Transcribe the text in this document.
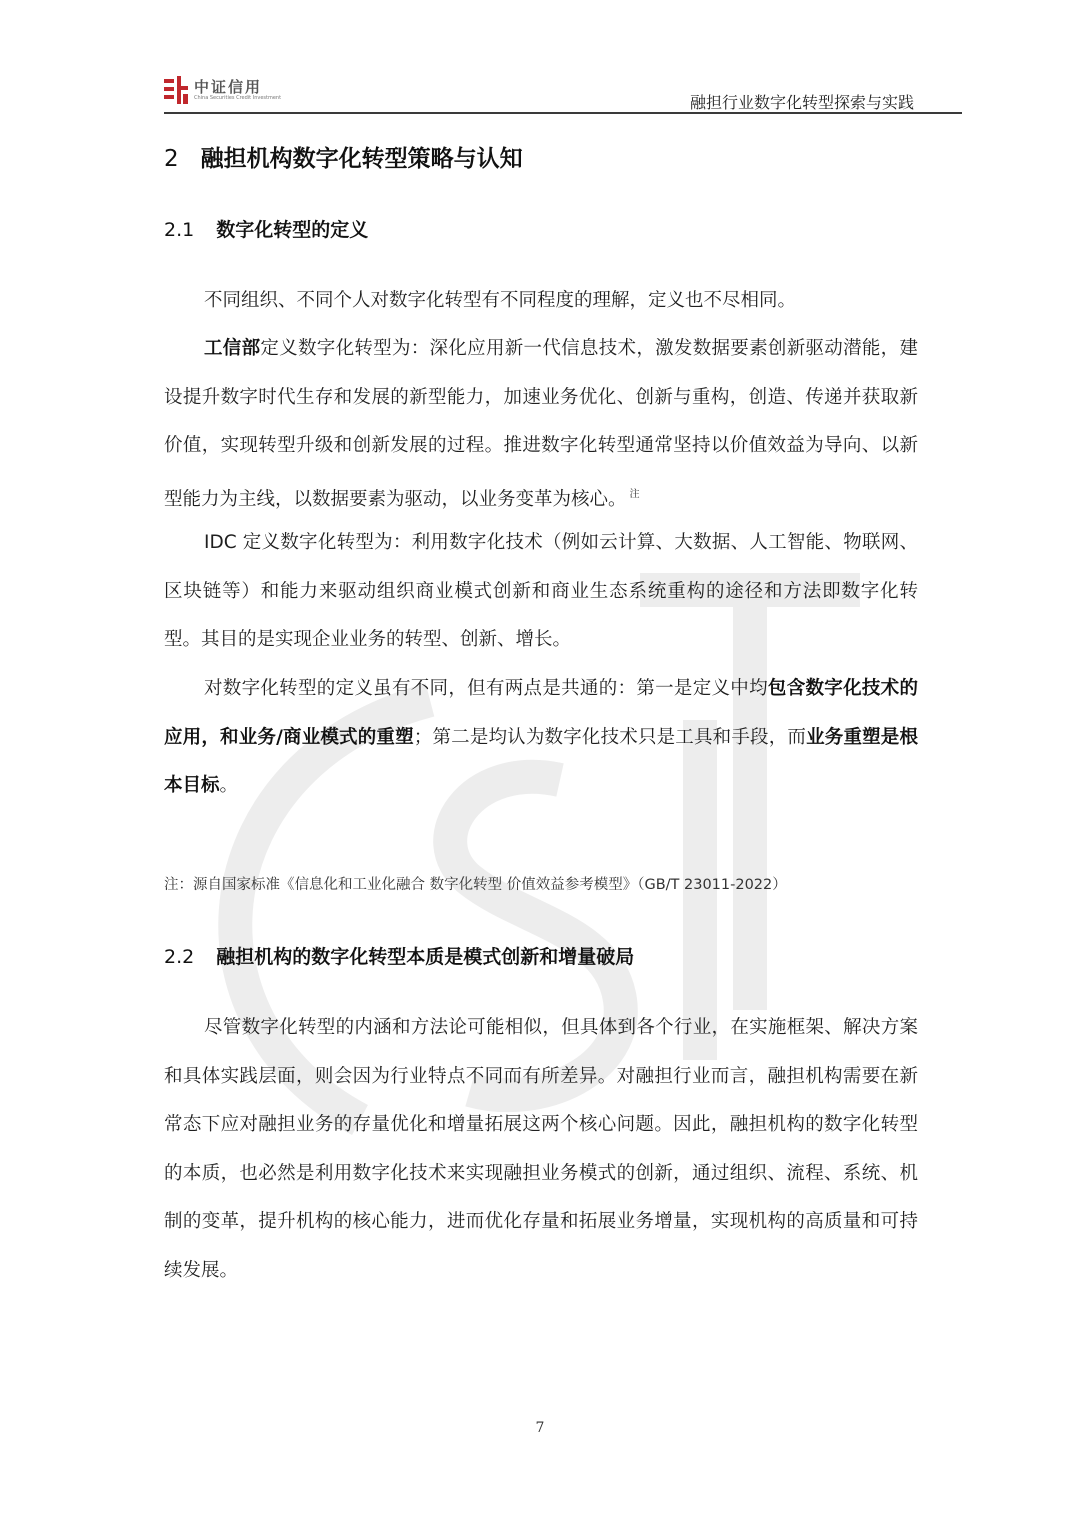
中证信用
China Securities Credit Investment	融担行业数字化转型探索与实践
2 融担机构数字化转型策略与认知
2.1 数字化转型的定义

不同组织、不同个人对数字化转型有不同程度的理解，定义也不尽相同。

工信部定义数字化转型为：深化应用新一代信息技术，激发数据要素创新驱动潜能，建设提升数字时代生存和发展的新型能力，加速业务优化、创新与重构，创造、传递并获取新价值，实现转型升级和创新发展的过程。推进数字化转型通常坚持以价值效益为导向、以新型能力为主线，以数据要素为驱动，以业务变革为核心。 $^注$

IDC 定义数字化转型为：利用数字化技术（例如云计算、大数据、人工智能、物联网、区块链等）和能力来驱动组织商业模式创新和商业生态系统重构的途径和方法即数字化转型。其目的是实现企业业务的转型、创新、增长。

对数字化转型的定义虽有不同，但有两点是共通的：第一是定义中均包含数字化技术的应用，和业务/商业模式的重塑；第二是均认为数字化技术只是工具和手段，而业务重塑是根本目标。

注：源自国家标准《信息化和工业化融合 数字化转型 价值效益参考模型》（GB/T 23011-2022）
2.2 融担机构的数字化转型本质是模式创新和增量破局

尽管数字化转型的内涵和方法论可能相似，但具体到各个行业，在实施框架、解决方案和具体实践层面，则会因为行业特点不同而有所差异。对融担行业而言，融担机构需要在新常态下应对融担业务的存量优化和增量拓展这两个核心问题。因此，融担机构的数字化转型的本质，也必然是利用数字化技术来实现融担业务模式的创新，通过组织、流程、系统、机制的变革，提升机构的核心能力，进而优化存量和拓展业务增量，实现机构的高质量和可持续发展。

7
